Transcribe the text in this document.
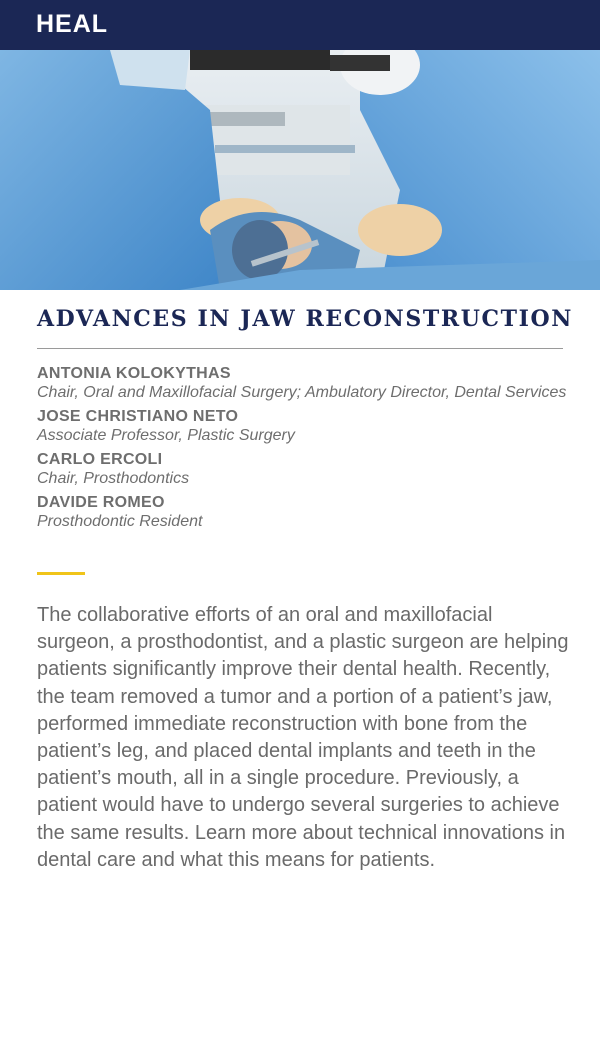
HEAL
ADVANCES IN JAW RECONSTRUCTION
ANTONIA KOLOKYTHAS
Chair, Oral and Maxillofacial Surgery; Ambulatory Director, Dental Services
JOSE CHRISTIANO NETO
Associate Professor, Plastic Surgery
CARLO ERCOLI
Chair, Prosthodontics
DAVIDE ROMEO
Prosthodontic Resident
The collaborative efforts of an oral and maxillofacial surgeon, a prosthodontist, and a plastic surgeon are helping patients significantly improve their dental health. Recently, the team removed a tumor and a portion of a patient’s jaw, performed immediate reconstruction with bone from the patient’s leg, and placed dental implants and teeth in the patient’s mouth, all in a single procedure. Previously, a patient would have to undergo several surgeries to achieve the same results. Learn more about technical innovations in dental care and what this means for patients.
